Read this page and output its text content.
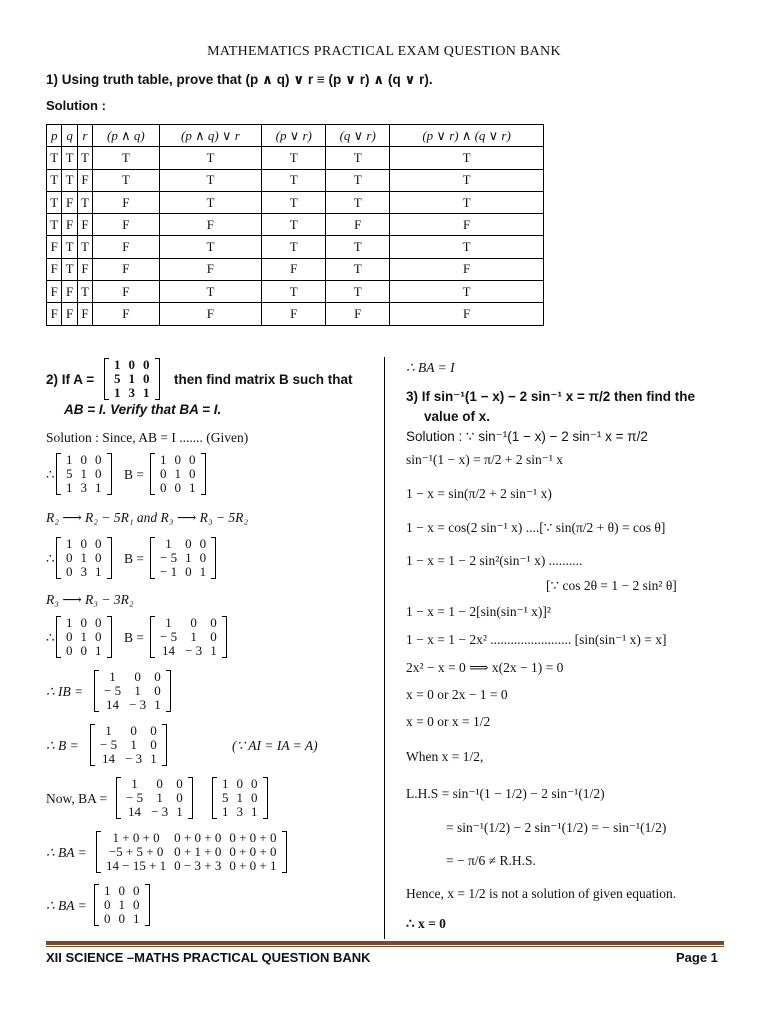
MATHEMATICS PRACTICAL EXAM QUESTION BANK
1) Using truth table, prove that (p ∧ q) ∨ r ≡ (p ∨ r) ∧ (q ∨ r).
Solution :
p	q	r	(p ∧ q)	(p ∧ q) ∨ r	(p ∨ r)	(q ∨ r)	(p ∨ r) ∧ (q ∨ r)
T	T	T	T	T	T	T	T
T	T	F	T	T	T	T	T
T	F	T	F	T	T	T	T
T	F	F	F	F	T	F	F
F	T	T	F	T	T	T	T
F	T	F	F	F	F	T	F
F	F	T	F	T	T	T	T
F	F	F	F	F	F	F	F
2) If A =
1	0	0
5	1	0
1	3	1
then find matrix B such that
AB = I. Verify that BA = I.
Solution : Since, AB = I ....... (Given)
∴
1	0	0
5	1	0
1	3	1
B =
1	0	0
0	1	0
0	0	1
R₂ ⟶ R₂ − 5R₁ and R₃ ⟶ R₃ − 5R₂
∴
1	0	0
0	1	0
0	3	1
B =
1	0	0
− 5	1	0
− 1	0	1
R₃ ⟶ R₃ − 3R₂
∴
1	0	0
0	1	0
0	0	1
B =
1	0	0
− 5	1	0
14	− 3	1
∴ IB =
1	0	0
− 5	1	0
14	− 3	1
∴ B =
1	0	0
− 5	1	0
14	− 3	1
(∵ AI = IA = A)
Now, BA =
1	0	0
− 5	1	0
14	− 3	1
1	0	0
5	1	0
1	3	1
∴ BA =
1 + 0 + 0	0 + 0 + 0	0 + 0 + 0
−5 + 5 + 0	0 + 1 + 0	0 + 0 + 0
14 − 15 + 1	0 − 3 + 3	0 + 0 + 1
∴ BA =
1	0	0
0	1	0
0	0	1
∴ BA = I
3) If sin⁻¹(1 − x) − 2 sin⁻¹ x = π/2 then find the
value of x.
Solution : ∵ sin⁻¹(1 − x) − 2 sin⁻¹ x = π/2
sin⁻¹(1 − x) = π/2 + 2 sin⁻¹ x
1 − x = sin(π/2 + 2 sin⁻¹ x)
1 − x = cos(2 sin⁻¹ x) ....[∵ sin(π/2 + θ) = cos θ]
1 − x = 1 − 2 sin²(sin⁻¹ x) ..........
[∵ cos 2θ = 1 − 2 sin² θ]
1 − x = 1 − 2[sin(sin⁻¹ x)]²
1 − x = 1 − 2x² ........................ [sin(sin⁻¹ x) = x]
2x² − x = 0 ⟹ x(2x − 1) = 0
x = 0 or 2x − 1 = 0
x = 0 or x = 1/2
When x = 1/2,
L.H.S = sin⁻¹(1 − 1/2) − 2 sin⁻¹(1/2)
= sin⁻¹(1/2) − 2 sin⁻¹(1/2) = − sin⁻¹(1/2)
= − π/6 ≠ R.H.S.
Hence, x = 1/2 is not a solution of given equation.
∴ x = 0
XII SCIENCE –MATHS PRACTICAL QUESTION BANK	Page 1
